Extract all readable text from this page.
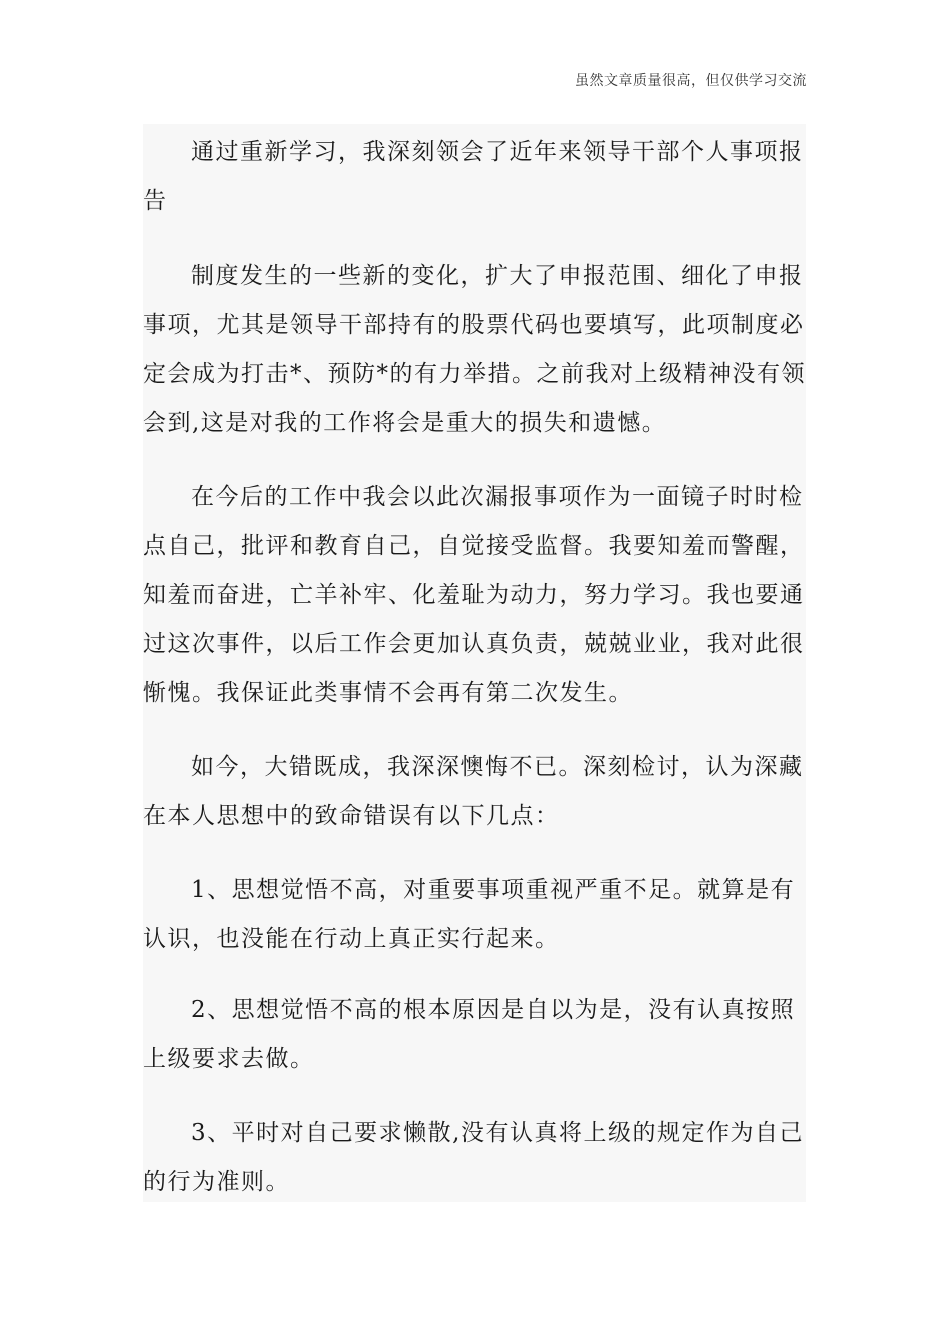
虽然文章质量很高，但仅供学习交流

通过重新学习，我深刻领会了近年来领导干部个人事项报告

制度发生的一些新的变化，扩大了申报范围、细化了申报事项，尤其是领导干部持有的股票代码也要填写，此项制度必定会成为打击*、预防*的有力举措。之前我对上级精神没有领会到,这是对我的工作将会是重大的损失和遗憾。

在今后的工作中我会以此次漏报事项作为一面镜子时时检点自己，批评和教育自己，自觉接受监督。我要知羞而警醒，知羞而奋进，亡羊补牢、化羞耻为动力，努力学习。我也要通过这次事件，以后工作会更加认真负责，兢兢业业，我对此很惭愧。我保证此类事情不会再有第二次发生。

如今，大错既成，我深深懊悔不已。深刻检讨，认为深藏在本人思想中的致命错误有以下几点：

1、思想觉悟不高，对重要事项重视严重不足。就算是有认识，也没能在行动上真正实行起来。

2、思想觉悟不高的根本原因是自以为是，没有认真按照上级要求去做。

3、平时对自己要求懒散,没有认真将上级的规定作为自己的行为准则。
